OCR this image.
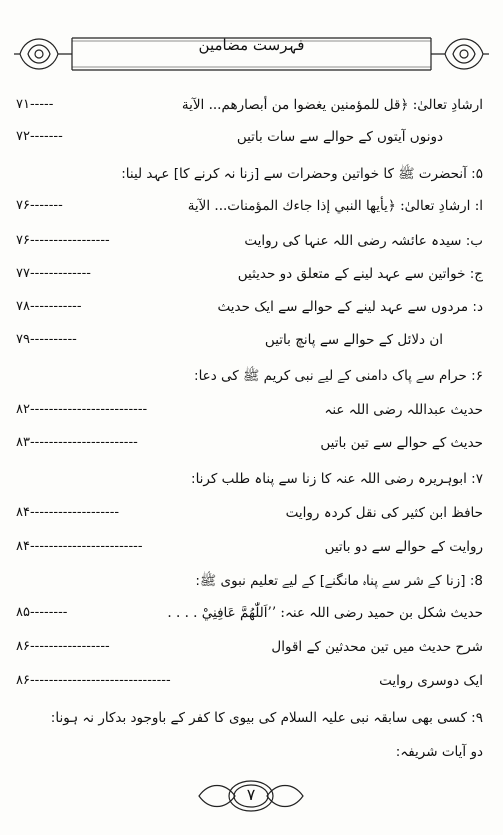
فہرست مضامین
ارشادِ تعالیٰ: ﴿قل للمؤمنين يغضوا من أبصارهم... الآية
۷۱-----
دونوں آیتوں کے حوالے سے سات باتیں
۷۲-------
۵: آنحضرت ﷺ کا خواتین وحضرات سے [زنا نہ کرنے کا] عہد لینا:
ا: ارشادِ تعالیٰ: ﴿يأيها النبي إذا جاءك المؤمنات... الآية
۷۶-------
ب: سیدہ عائشہ رضی اللہ عنہا کی روایت
۷۶-----------------
ج: خواتین سے عہد لینے کے متعلق دو حدیثیں
۷۷-------------
د: مردوں سے عہد لینے کے حوالے سے ایک حدیث
۷۸-----------
ان دلائل کے حوالے سے پانچ باتیں
۷۹----------
۶: حرام سے پاک دامنی کے لیے نبی کریم ﷺ کی دعا:
حدیث عبداللہ رضی اللہ عنہ
۸۲-------------------------
حدیث کے حوالے سے تین باتیں
۸۳-----------------------
۷: ابوہریرہ رضی اللہ عنہ کا زنا سے پناہ طلب کرنا:
حافظ ابن کثیر کی نقل کردہ روایت
۸۴-------------------
روایت کے حوالے سے دو باتیں
۸۴------------------------
8: [زنا کے شر سے پناہ مانگنے] کے لیے تعلیم نبوی ﷺ:
حدیث شکل بن حمید رضی اللہ عنہ: ’’اَللّٰهُمَّ عَافِنِيْ . . . .
۸۵--------
شرح حدیث میں تین محدثین کے اقوال
۸۶-----------------
ایک دوسری روایت
۸۶------------------------------
۹: کسی بھی سابقہ نبی علیہ السلام کی بیوی کا کفر کے باوجود بدکار نہ ہونا:
دو آیات شریفہ:
۷
